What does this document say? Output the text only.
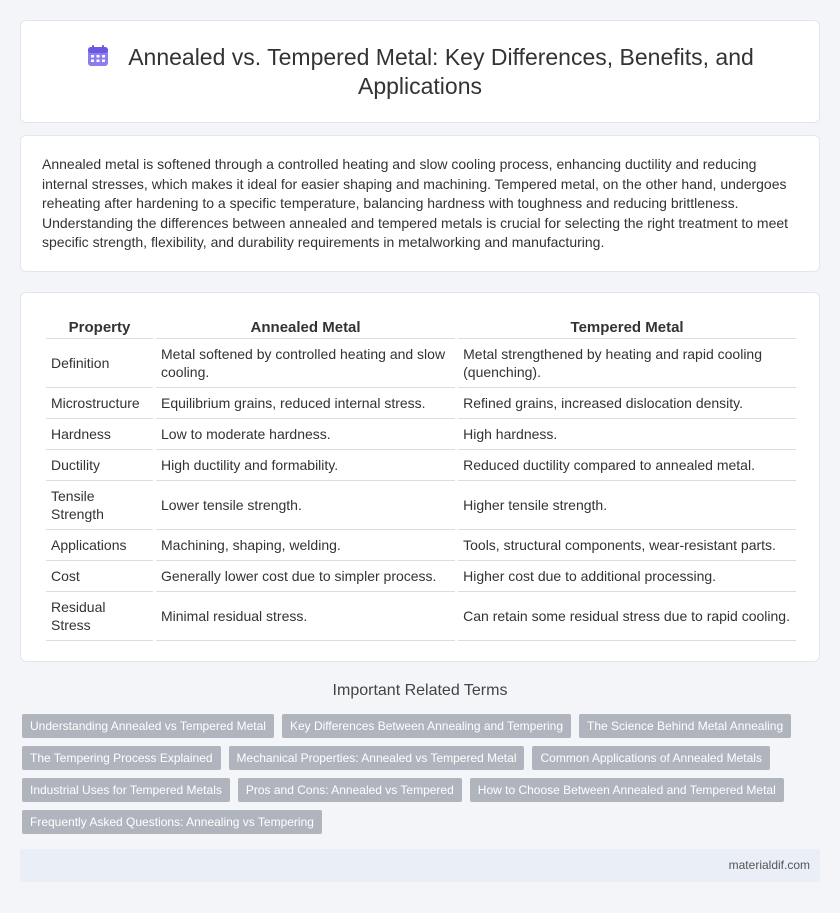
Annealed vs. Tempered Metal: Key Differences, Benefits, and Applications

Annealed metal is softened through a controlled heating and slow cooling process, enhancing ductility and reducing internal stresses, which makes it ideal for easier shaping and machining. Tempered metal, on the other hand, undergoes reheating after hardening to a specific temperature, balancing hardness with toughness and reducing brittleness. Understanding the differences between annealed and tempered metals is crucial for selecting the right treatment to meet specific strength, flexibility, and durability requirements in metalworking and manufacturing.

Property	Annealed Metal	Tempered Metal
Definition	Metal softened by controlled heating and slow cooling.	Metal strengthened by heating and rapid cooling (quenching).
Microstructure	Equilibrium grains, reduced internal stress.	Refined grains, increased dislocation density.
Hardness	Low to moderate hardness.	High hardness.
Ductility	High ductility and formability.	Reduced ductility compared to annealed metal.
Tensile Strength	Lower tensile strength.	Higher tensile strength.
Applications	Machining, shaping, welding.	Tools, structural components, wear-resistant parts.
Cost	Generally lower cost due to simpler process.	Higher cost due to additional processing.
Residual Stress	Minimal residual stress.	Can retain some residual stress due to rapid cooling.
Important Related Terms
Understanding Annealed vs Tempered Metal	Key Differences Between Annealing and Tempering	The Science Behind Metal Annealing
The Tempering Process Explained	Mechanical Properties: Annealed vs Tempered Metal	Common Applications of Annealed Metals
Industrial Uses for Tempered Metals	Pros and Cons: Annealed vs Tempered	How to Choose Between Annealed and Tempered Metal
Frequently Asked Questions: Annealing vs Tempering
materialdif.com
